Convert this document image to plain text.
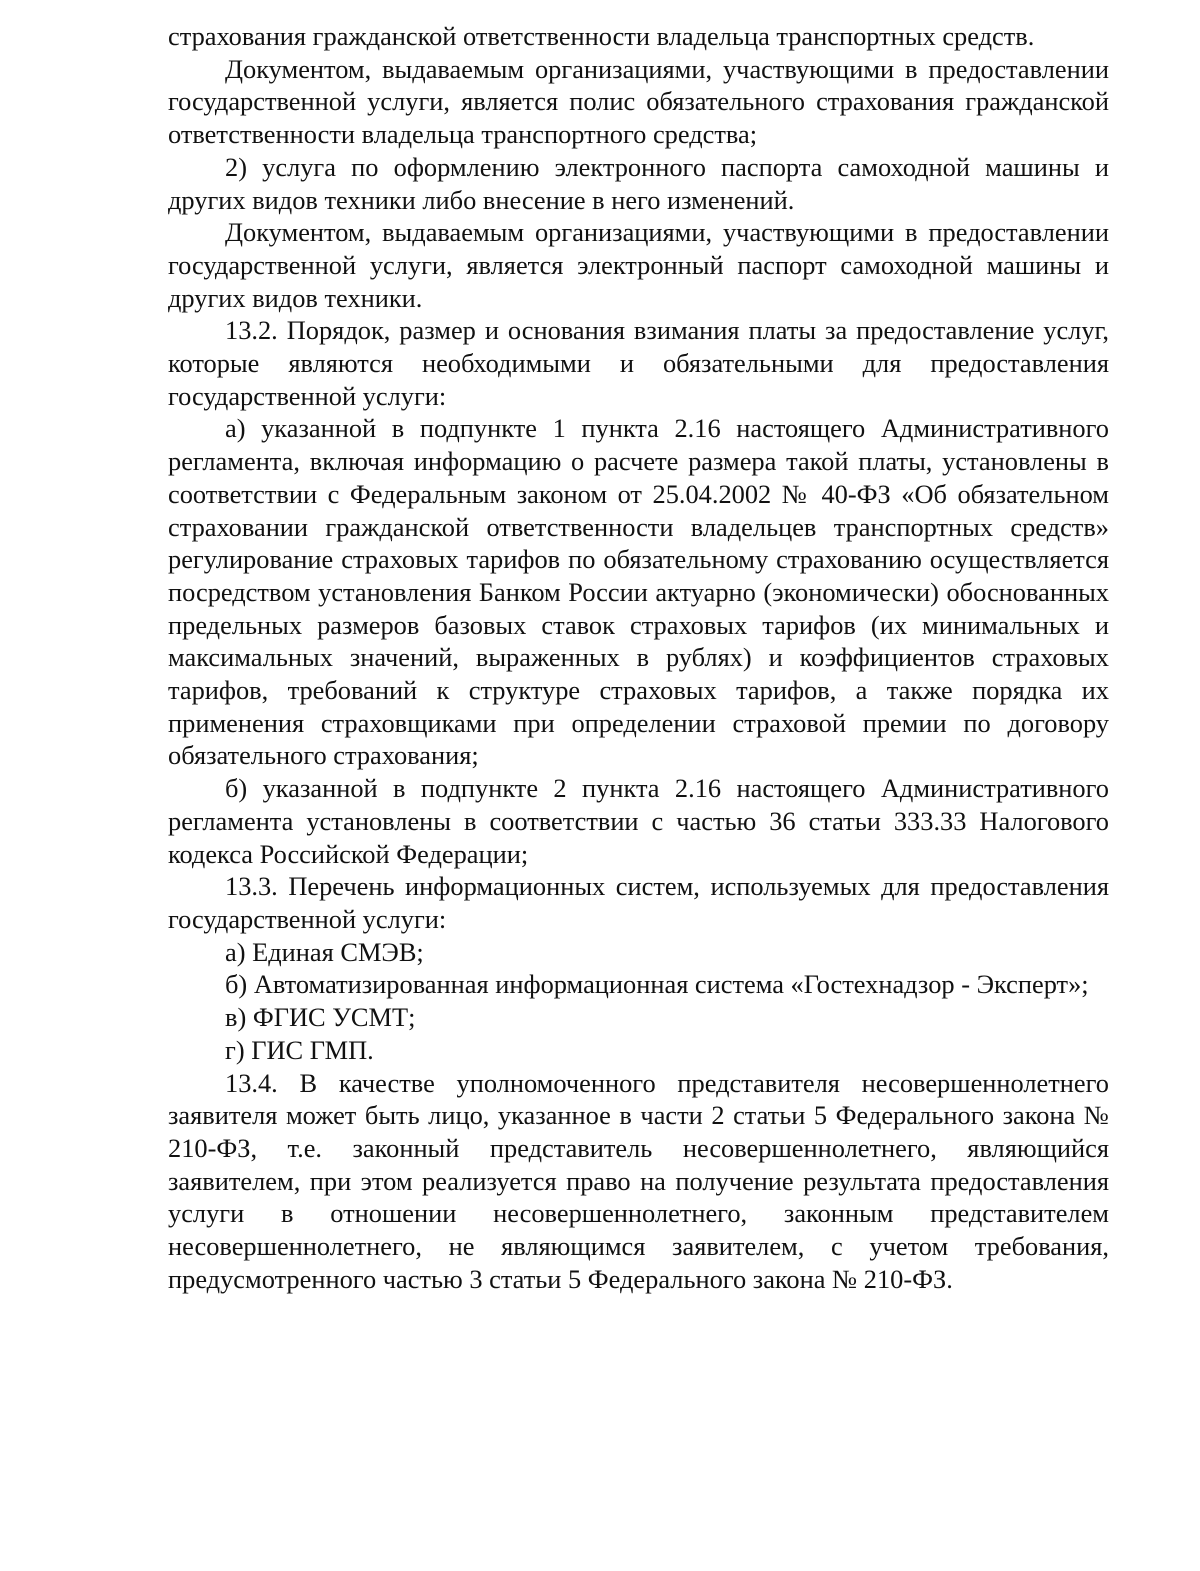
страхования гражданской ответственности владельца транспортных средств.

Документом, выдаваемым организациями, участвующими в предоставлении государственной услуги, является полис обязательного страхования гражданской ответственности владельца транспортного средства;

2) услуга по оформлению электронного паспорта самоходной машины и других видов техники либо внесение в него изменений.

Документом, выдаваемым организациями, участвующими в предоставлении государственной услуги, является электронный паспорт самоходной машины и других видов техники.

13.2. Порядок, размер и основания взимания платы за предоставление услуг, которые являются необходимыми и обязательными для предоставления государственной услуги:

а) указанной в подпункте 1 пункта 2.16 настоящего Административного регламента, включая информацию о расчете размера такой платы, установлены в соответствии с Федеральным законом от 25.04.2002 № 40-ФЗ «Об обязательном страховании гражданской ответственности владельцев транспортных средств» регулирование страховых тарифов по обязательному страхованию осуществляется посредством установления Банком России актуарно (экономически) обоснованных предельных размеров базовых ставок страховых тарифов (их минимальных и максимальных значений, выраженных в рублях) и коэффициентов страховых тарифов, требований к структуре страховых тарифов, а также порядка их применения страховщиками при определении страховой премии по договору обязательного страхования;

б) указанной в подпункте 2 пункта 2.16 настоящего Административного регламента установлены в соответствии с частью 36 статьи 333.33 Налогового кодекса Российской Федерации;

13.3. Перечень информационных систем, используемых для предоставления государственной услуги:

а) Единая СМЭВ;

б) Автоматизированная информационная система «Гостехнадзор - Эксперт»;

в) ФГИС УСМТ;

г) ГИС ГМП.

13.4. В качестве уполномоченного представителя несовершеннолетнего заявителя может быть лицо, указанное в части 2 статьи 5 Федерального закона № 210-ФЗ, т.е. законный представитель несовершеннолетнего, являющийся заявителем, при этом реализуется право на получение результата предоставления услуги в отношении несовершеннолетнего, законным представителем несовершеннолетнего, не являющимся заявителем, с учетом требования, предусмотренного частью 3 статьи 5 Федерального закона № 210-ФЗ.
